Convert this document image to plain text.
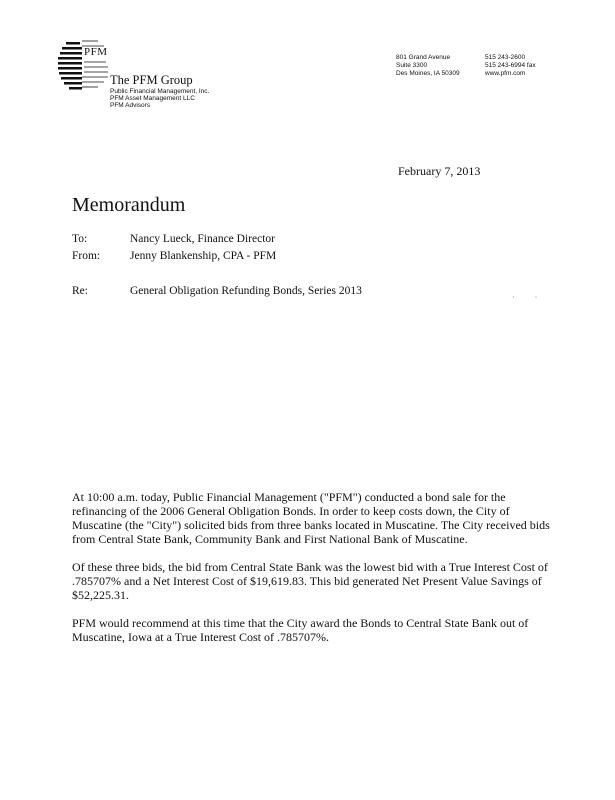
PFM
The PFM Group
Public Financial Management, Inc.
PFM Asset Management LLC
PFM Advisors
801 Grand Avenue
Suite 3300
Des Moines, IA 50309
515 243-2600
515 243-6994 fax
www.pfm.com
February 7, 2013
Memorandum
To:	Nancy Lueck, Finance Director
From:	Jenny Blankenship, CPA - PFM
Re:	General Obligation Refunding Bonds, Series 2013
·          ·
At 10:00 a.m. today, Public Financial Management ("PFM") conducted a bond sale for the
refinancing of the 2006 General Obligation Bonds. In order to keep costs down, the City of
Muscatine (the "City") solicited bids from three banks located in Muscatine. The City received bids
from Central State Bank, Community Bank and First National Bank of Muscatine.
Of these three bids, the bid from Central State Bank was the lowest bid with a True Interest Cost of
.785707% and a Net Interest Cost of $19,619.83. This bid generated Net Present Value Savings of
$52,225.31.
PFM would recommend at this time that the City award the Bonds to Central State Bank out of
Muscatine, Iowa at a True Interest Cost of .785707%.
